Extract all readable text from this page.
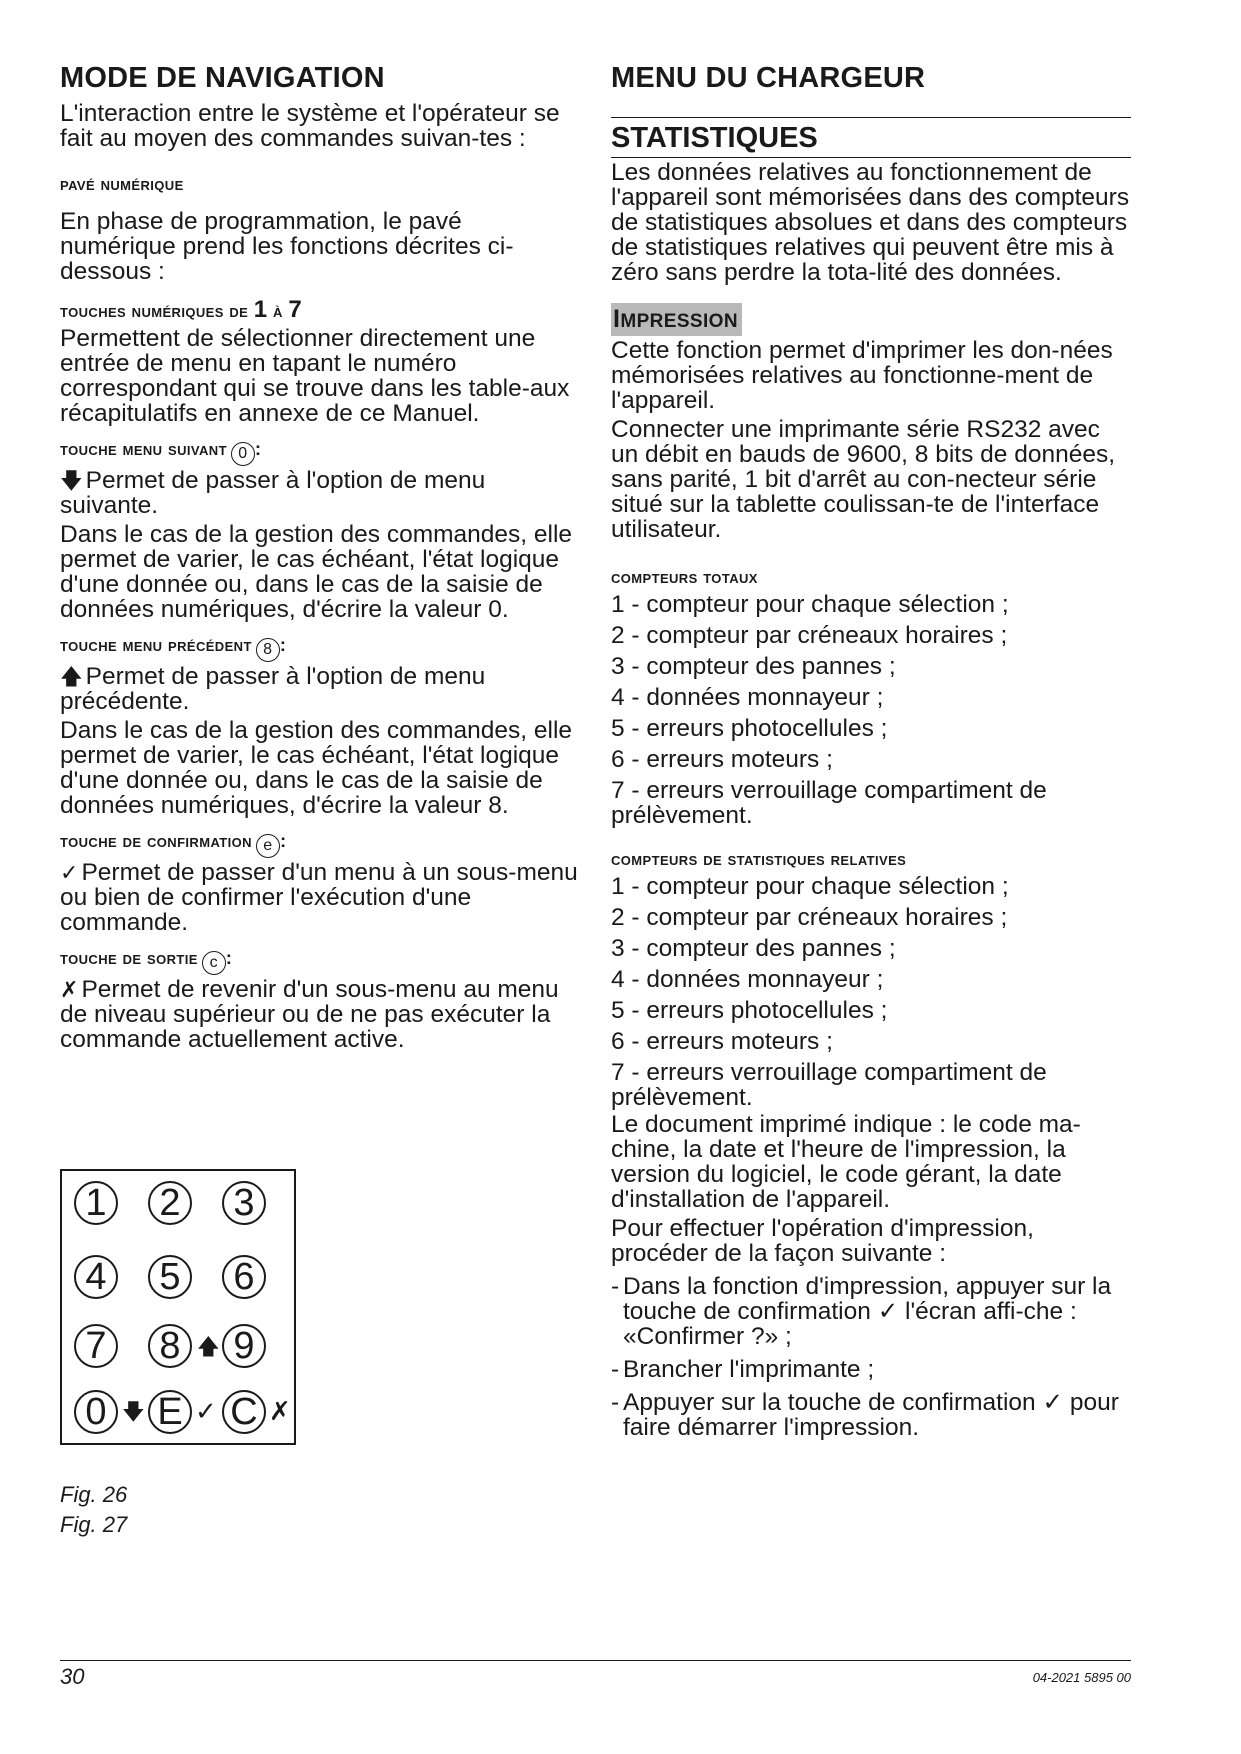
MODE DE NAVIGATION

L'interaction entre le système et l'opérateur se fait au moyen des commandes suivan-tes :

pavé numérique

En phase de programmation, le pavé numérique prend les fonctions décrites ci-dessous :

touches numériques de 1 à 7

Permettent de sélectionner directement une entrée de menu en tapant le numéro correspondant qui se trouve dans les table-aux récapitulatifs en annexe de ce Manuel.

touche menu suivant 0 :

🡇 Permet de passer à l'option de menu suivante.

Dans le cas de la gestion des commandes, elle permet de varier, le cas échéant, l'état logique d'une donnée ou, dans le cas de la saisie de données numériques, d'écrire la valeur 0.

touche menu précédent 8 :

🡅 Permet de passer à l'option de menu précédente.

Dans le cas de la gestion des commandes, elle permet de varier, le cas échéant, l'état logique d'une donnée ou, dans le cas de la saisie de données numériques, d'écrire la valeur 8.

touche de confirmation e :

✓ Permet de passer d'un menu à un sous-menu ou bien de confirmer l'exécution d'une commande.

touche de sortie c :

✗ Permet de revenir d'un sous-menu au menu de niveau supérieur ou de ne pas exécuter la commande actuellement active.

1	2	3
4	5	6
7	8 🡅 9
0 🡇 E ✓ C ✗
Fig. 26
Fig. 27
MENU DU CHARGEUR
STATISTIQUES

Les données relatives au fonctionnement de l'appareil sont mémorisées dans des compteurs de statistiques absolues et dans des compteurs de statistiques relatives qui peuvent être mis à zéro sans perdre la tota-lité des données.

IMPRESSION

Cette fonction permet d'imprimer les don-nées mémorisées relatives au fonctionne-ment de l'appareil.

Connecter une imprimante série RS232 avec un débit en bauds de 9600, 8 bits de données, sans parité, 1 bit d'arrêt au con-necteur série situé sur la tablette coulissan-te de l'interface utilisateur.

compteurs totaux

1 - compteur pour chaque sélection ;

2 - compteur par créneaux horaires ;

3 - compteur des pannes ;

4 - données monnayeur ;

5 - erreurs photocellules ;

6 - erreurs moteurs ;

7 - erreurs verrouillage compartiment de prélèvement.

compteurs de statistiques relatives

1 - compteur pour chaque sélection ;

2 - compteur par créneaux horaires ;

3 - compteur des pannes ;

4 - données monnayeur ;

5 - erreurs photocellules ;

6 - erreurs moteurs ;

7 - erreurs verrouillage compartiment de prélèvement.

Le document imprimé indique : le code ma-chine, la date et l'heure de l'impression, la version du logiciel, le code gérant, la date d'installation de l'appareil.

Pour effectuer l'opération d'impression, procéder de la façon suivante :

- Dans la fonction d'impression, appuyer sur la touche de confirmation ✓ l'écran affi-che : «Confirmer ?» ;
- Brancher l'imprimante ;
- Appuyer sur la touche de confirmation ✓ pour faire démarrer l'impression.
30	04-2021 5895 00
